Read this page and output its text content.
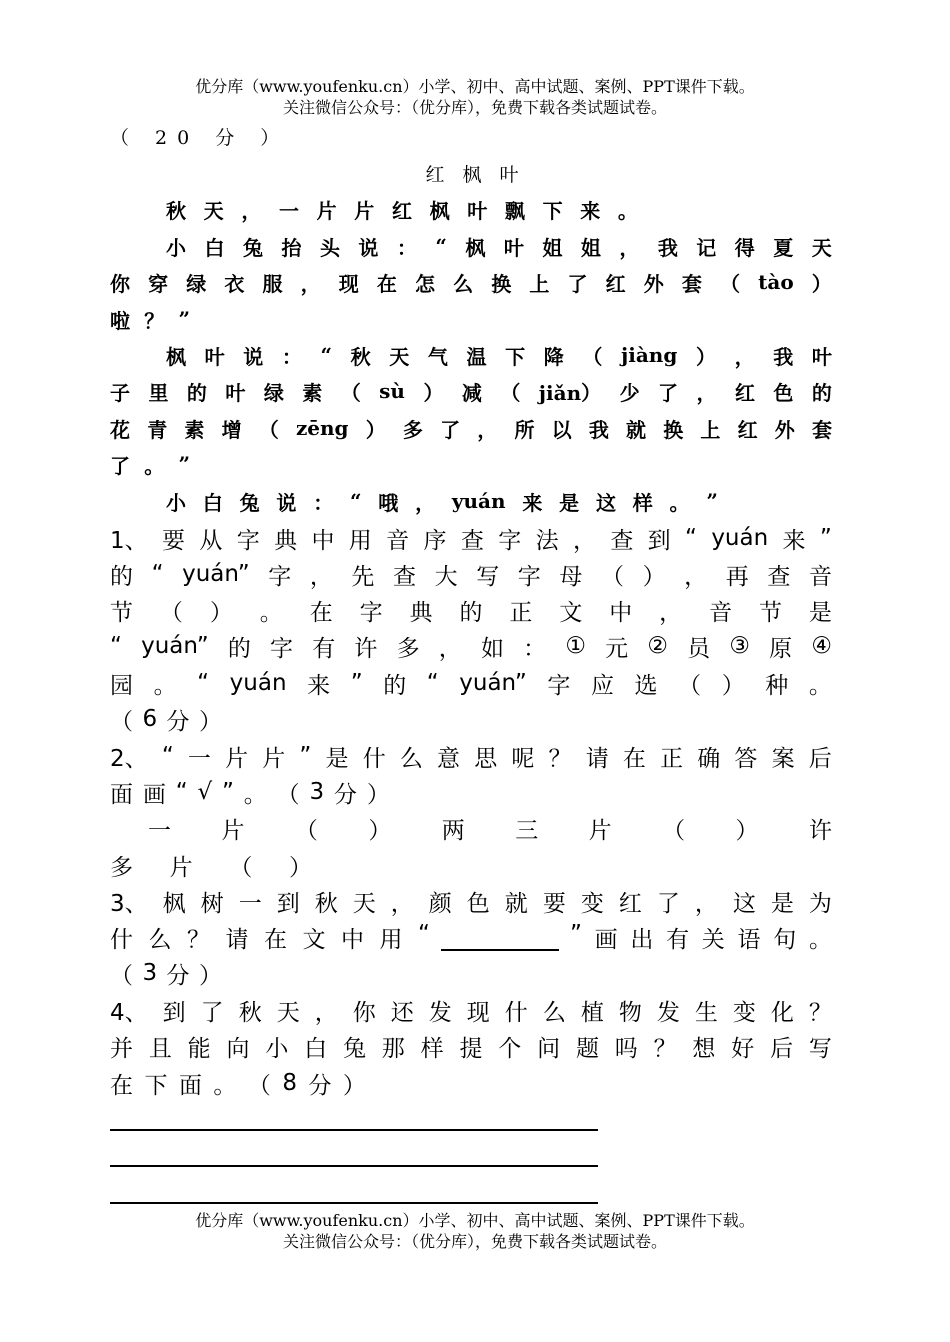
优分库（www.youfenku.cn）小学、初中、高中试题、案例、PPT课件下载。
关注微信公众号：（优分库），免费下载各类试题试卷。
（ 20 分 ）
红 枫 叶
秋 天 ， 一 片 片 红 枫 叶 飘 下 来 。
小 白 兔 抬 头 说 ： “ 枫 叶 姐 姐 ， 我 记 得 夏 天
你 穿 绿 衣 服 ， 现 在 怎 么 换 上 了 红 外 套 （ tào ）
啦 ？ ”
枫 叶 说 ： “ 秋 天 气 温 下 降 （ jiàng ） ， 我 叶
子 里 的 叶 绿 素 （ sù ） 减 （ jiǎn） 少 了 ， 红 色 的
花 青 素 增 （ zēng ） 多 了 ， 所 以 我 就 换 上 红 外 套
了 。 ”
小 白 兔 说 ： “ 哦 ， yuán 来 是 这 样 。 ”
1、 要 从 字 典 中 用 音 序 查 字 法 ， 查 到 “ yuán 来 ”
的 “ yuán” 字 ， 先 查 大 写 字 母 （ ） ， 再 查 音
节 （ ） 。 在 字 典 的 正 文 中 ， 音 节 是
“ yuán” 的 字 有 许 多 ， 如 ： ① 元 ② 员 ③ 原 ④
园 。 “ yuán 来 ” 的 “ yuán” 字 应 选 （ ） 种 。
（ 6 分 ）
2、 “ 一 片 片 ” 是 什 么 意 思 呢 ？ 请 在 正 确 答 案 后
面 画 “ √ ” 。 （ 3 分 ）
一 片 （ ） 两 三 片 （ ） 许
多 片 （ ）
3、 枫 树 一 到 秋 天 ， 颜 色 就 要 变 红 了 ， 这 是 为
什 么 ？ 请 在 文 中 用 “	” 画 出 有 关 语 句 。
（ 3 分 ）
4、 到 了 秋 天 ， 你 还 发 现 什 么 植 物 发 生 变 化 ？
并 且 能 向 小 白 兔 那 样 提 个 问 题 吗 ？ 想 好 后 写
在 下 面 。 （ 8 分 ）
优分库（www.youfenku.cn）小学、初中、高中试题、案例、PPT课件下载。
关注微信公众号：（优分库），免费下载各类试题试卷。
